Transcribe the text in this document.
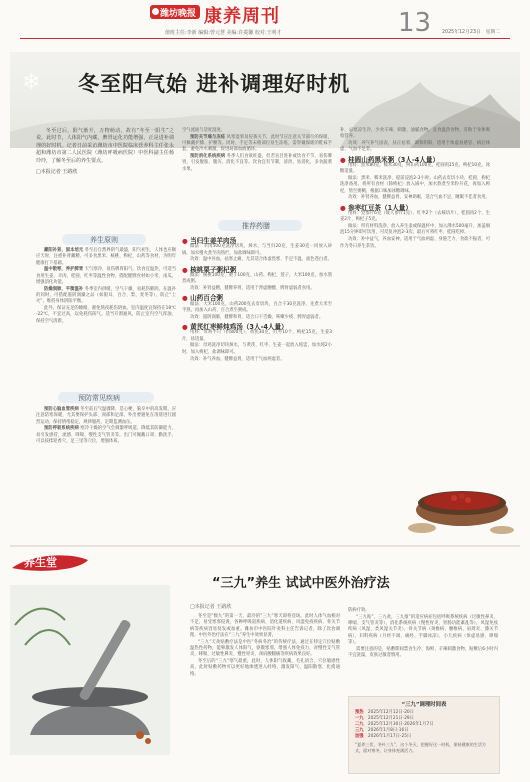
潍坊晚报 康养周刊	13 2025年12月23日　星期二
值班主任:李新 编辑:曾元慧 美编:许菱馨 校对:王明才
❄ 冬至阳气始 进补调理好时机
冬至过后，阳气渐升，万物萌动，故有“冬至一阳生”之说。此时节，人体阳气内藏，脾胃运化功能增强，正是进补调理的好时机。记者日前采访潍坊市中医院临床营养科主任张永超和潍坊市第二人民医院（潍坊呼吸病医院）中医科副主任杨玲玲，了解冬至后的养生要点。
□本报记者 王路欣
养生原则

藏阳补肾，固本培元 冬至后自然界阴气最盛，阳气初生，人体也应顺应天时，注重补肾藏精，可多食黑米、核桃、枸杞、山药等食材，为明年健康打下基础。

温中散寒，养护脾胃 天气寒冷，易伤脾胃阳气，饮食宜温热，可适当食用生姜、羊肉、桂圆、红枣等温性食物，搭配健脾食材如小米、南瓜，增强消化功能。

防燥润肺，平衡温补 冬季室内供暖，空气干燥，易耗伤肺阴。在温补的同时，可搭配滋阴润燥之品（如银耳、百合、梨、麦冬等），防止“上火”，维持身体阴阳平衡。

此外，保证充足的睡眠，避免熬夜耗伤阴血。室内温度宜保持在18℃-22℃，不宜过高，以免耗伤阳气。适当开窗通风，防止室内空气浑浊，保持空气清新。

预防常见疾病

预防心脑血管疾病 冬至前后气温骤降，是心梗、脑卒中的高发期。应注意防寒保暖，尤其要保护头部、颈部和足部，外出要避免在清晨进行剧烈运动，保持情绪稳定，规律服药，定期监测血压。

预防呼吸系统疾病 寒冷干燥的空气会刺激呼吸道，降低其防御能力，易引发感冒、流感、哮喘、慢性支气管炎等。出门可佩戴口罩，勤洗手，可以按揉迎香穴、足三里等穴位，增强体质。

空气流通与适度湿度。

预防关节痛与冻疮 风寒湿邪易侵袭关节，此时节应注意关节部位的保暖，可佩戴护膝、护腰等。同时，手足等末梢部位易生冻疮，需穿戴保暖的鞋袜手套，避免冷水刺激，促进局部血液循环。

预防消化系统疾病 冬季人们食欲旺盛，但若盲目进补或饮食不节，易伤脾胃，引发腹胀、腹泻、消化不良等。饮食宜有节制，清淡、易消化，多食蔬菜水果。

推荐药膳
● 当归生姜羊肉汤

做法：羊肉500克洗净切块，焯水，与当归20克、生姜30克一同放入砂锅，加水慢火煮至肉熟烂，加盐调味即可。

功效：温中补血，祛寒止痛，尤其适合体虚畏寒、手足不温、面色苍白者。

● 核桃栗子粥杞粥

做法：核桃100克、栗子100克、山药、枸杞、莲子，大米100克，加水熬煮成粥。

功效：补肾益精，健脾养胃，适用于肾虚腰酸、脾胃虚弱者食用。

● 山药百合粥

做法：大米100克，山药200克去皮切块，百合干30克洗净，先煮大米至半熟，再加入山药、百合煮至粥成。

功效：滋阴润肺，健脾和胃，适合口干舌燥、咳嗽少痰、脾胃虚弱者。

● 黄芪红枣鲜炖鸡汤（3人-4人量）

用料：母鸡半只（约800克），黄芪30克，红枣10个，枸杞15克，生姜3片，盐适量。

做法：母鸡洗净切块焯水，与黄芪、红枣、生姜一起放入炖盅，加水炖2小时，加入枸杞、盐调味即可。

功效：补气养血，健脾益胃，适用于气血两虚者。

补，忌寒凉生冷，少食辛辣、刺激、油腻食物，宜食温热食物，有助于身体吸收营养。

功效：养气补气固表，扶正祛邪，调和阴阳，适用于体虚易感冒、病后体虚、气血不足者。

● 桂圆山药黑米粥（3人-4人量）

用料：黑米80克，糯米30克，鲜山药100克，桂圆肉15克，枸杞10克，冰糖适量。

做法：黑米、糯米洗净，提前浸泡2-3小时。山药去皮切小块，桂圆、枸杞洗净备用。将所有食材（除枸杞）放入锅中，加水熬煮至米粒开花，再加入枸杞，熬至粥稠，根据口味加冰糖调味。

功效：补肾养血，健脾益胃，安神助眠，适合气血不足、睡眠不佳者食用。

● 参枣红豆茶（1人量）

用料：党参片6克（或人参片1克），红枣2个（去核切片），桂圆肉2个，生姜2片，枸杞子5克。

做法：所有材料洗净，放入养生壶或保温杯中，加入沸水500毫升，加盖焖泡15分钟即可饮用，可反复冲泡2-3次，最后可将红枣、桂圆吃掉。

功效：补中益气，养血安神，适用于气血两虚、身倦乏力、食欲不振者，可作为冬日养生茶饮。

养生堂
“三九”养生 试试中医外治疗法
□本报记者 王路欣

冬至是“数九”的第一天，最冷的“三九”寒天即将登场。此时人体气血相对不足，易受寒邪侵袭，各种呼吸道疾病、消化道疾病、风湿免疫疾病、骨关节病等疾病容易复发或加重。潍坊市中医院针灸科主任告诉记者，除了饮食调理，中医外治疗法在“三九”养生中效果显著。

“三九”天灸贴敷疗法是中医“冬病冬治”的传统疗法，通过在特定穴位贴敷温热性药物，能够激发人体阳气，驱散寒邪，增强人体免疫力，对慢性支气管炎、哮喘、过敏性鼻炎、慢性胃炎、颈肩腰腿痛等疾病效果良好。

冬至后的“三九”寒气最重，此时，人体阳气收藏，毛孔闭合，穴位敏感性高，此时贴敷药物可以更好地渗透进入经络，激发阳气、温阳散寒、化痰通络。

防病疗效。

“三九贴”，三九灸，三九推”的适应病症包括呼吸系统疾病（过敏性鼻炎、哮喘、支气管炎等），消化系统疾病（慢性胃炎、胃肠功能紊乱等），风湿免疫疾病（风湿、类风湿关节炎），骨关节病（颈椎病、腰椎病、肩周炎、膝关节病），妇科疾病（月经不调、痛经、手脚冰凉），小儿疾病（体虚易感、哮喘等）。

需要注意的是，贴敷期间禁食生冷、海鲜、辛辣刺激食物，贴敷后6小时内不宜洗澡，皮肤过敏者慎用。

“三九”调理时间表
预热　 2025年12月12日-20日
一九　 2025年12月21日-29日
二九　 2025年12月30日-2026年1月7日
三九　 2026年1月8日-16日
加强　 2026年1月17日-25日
“夏养三伏，冬补三九”，这个冬天，把握好这一时机，保持健康的生活方式，面对寒冬，让身体充满活力。
